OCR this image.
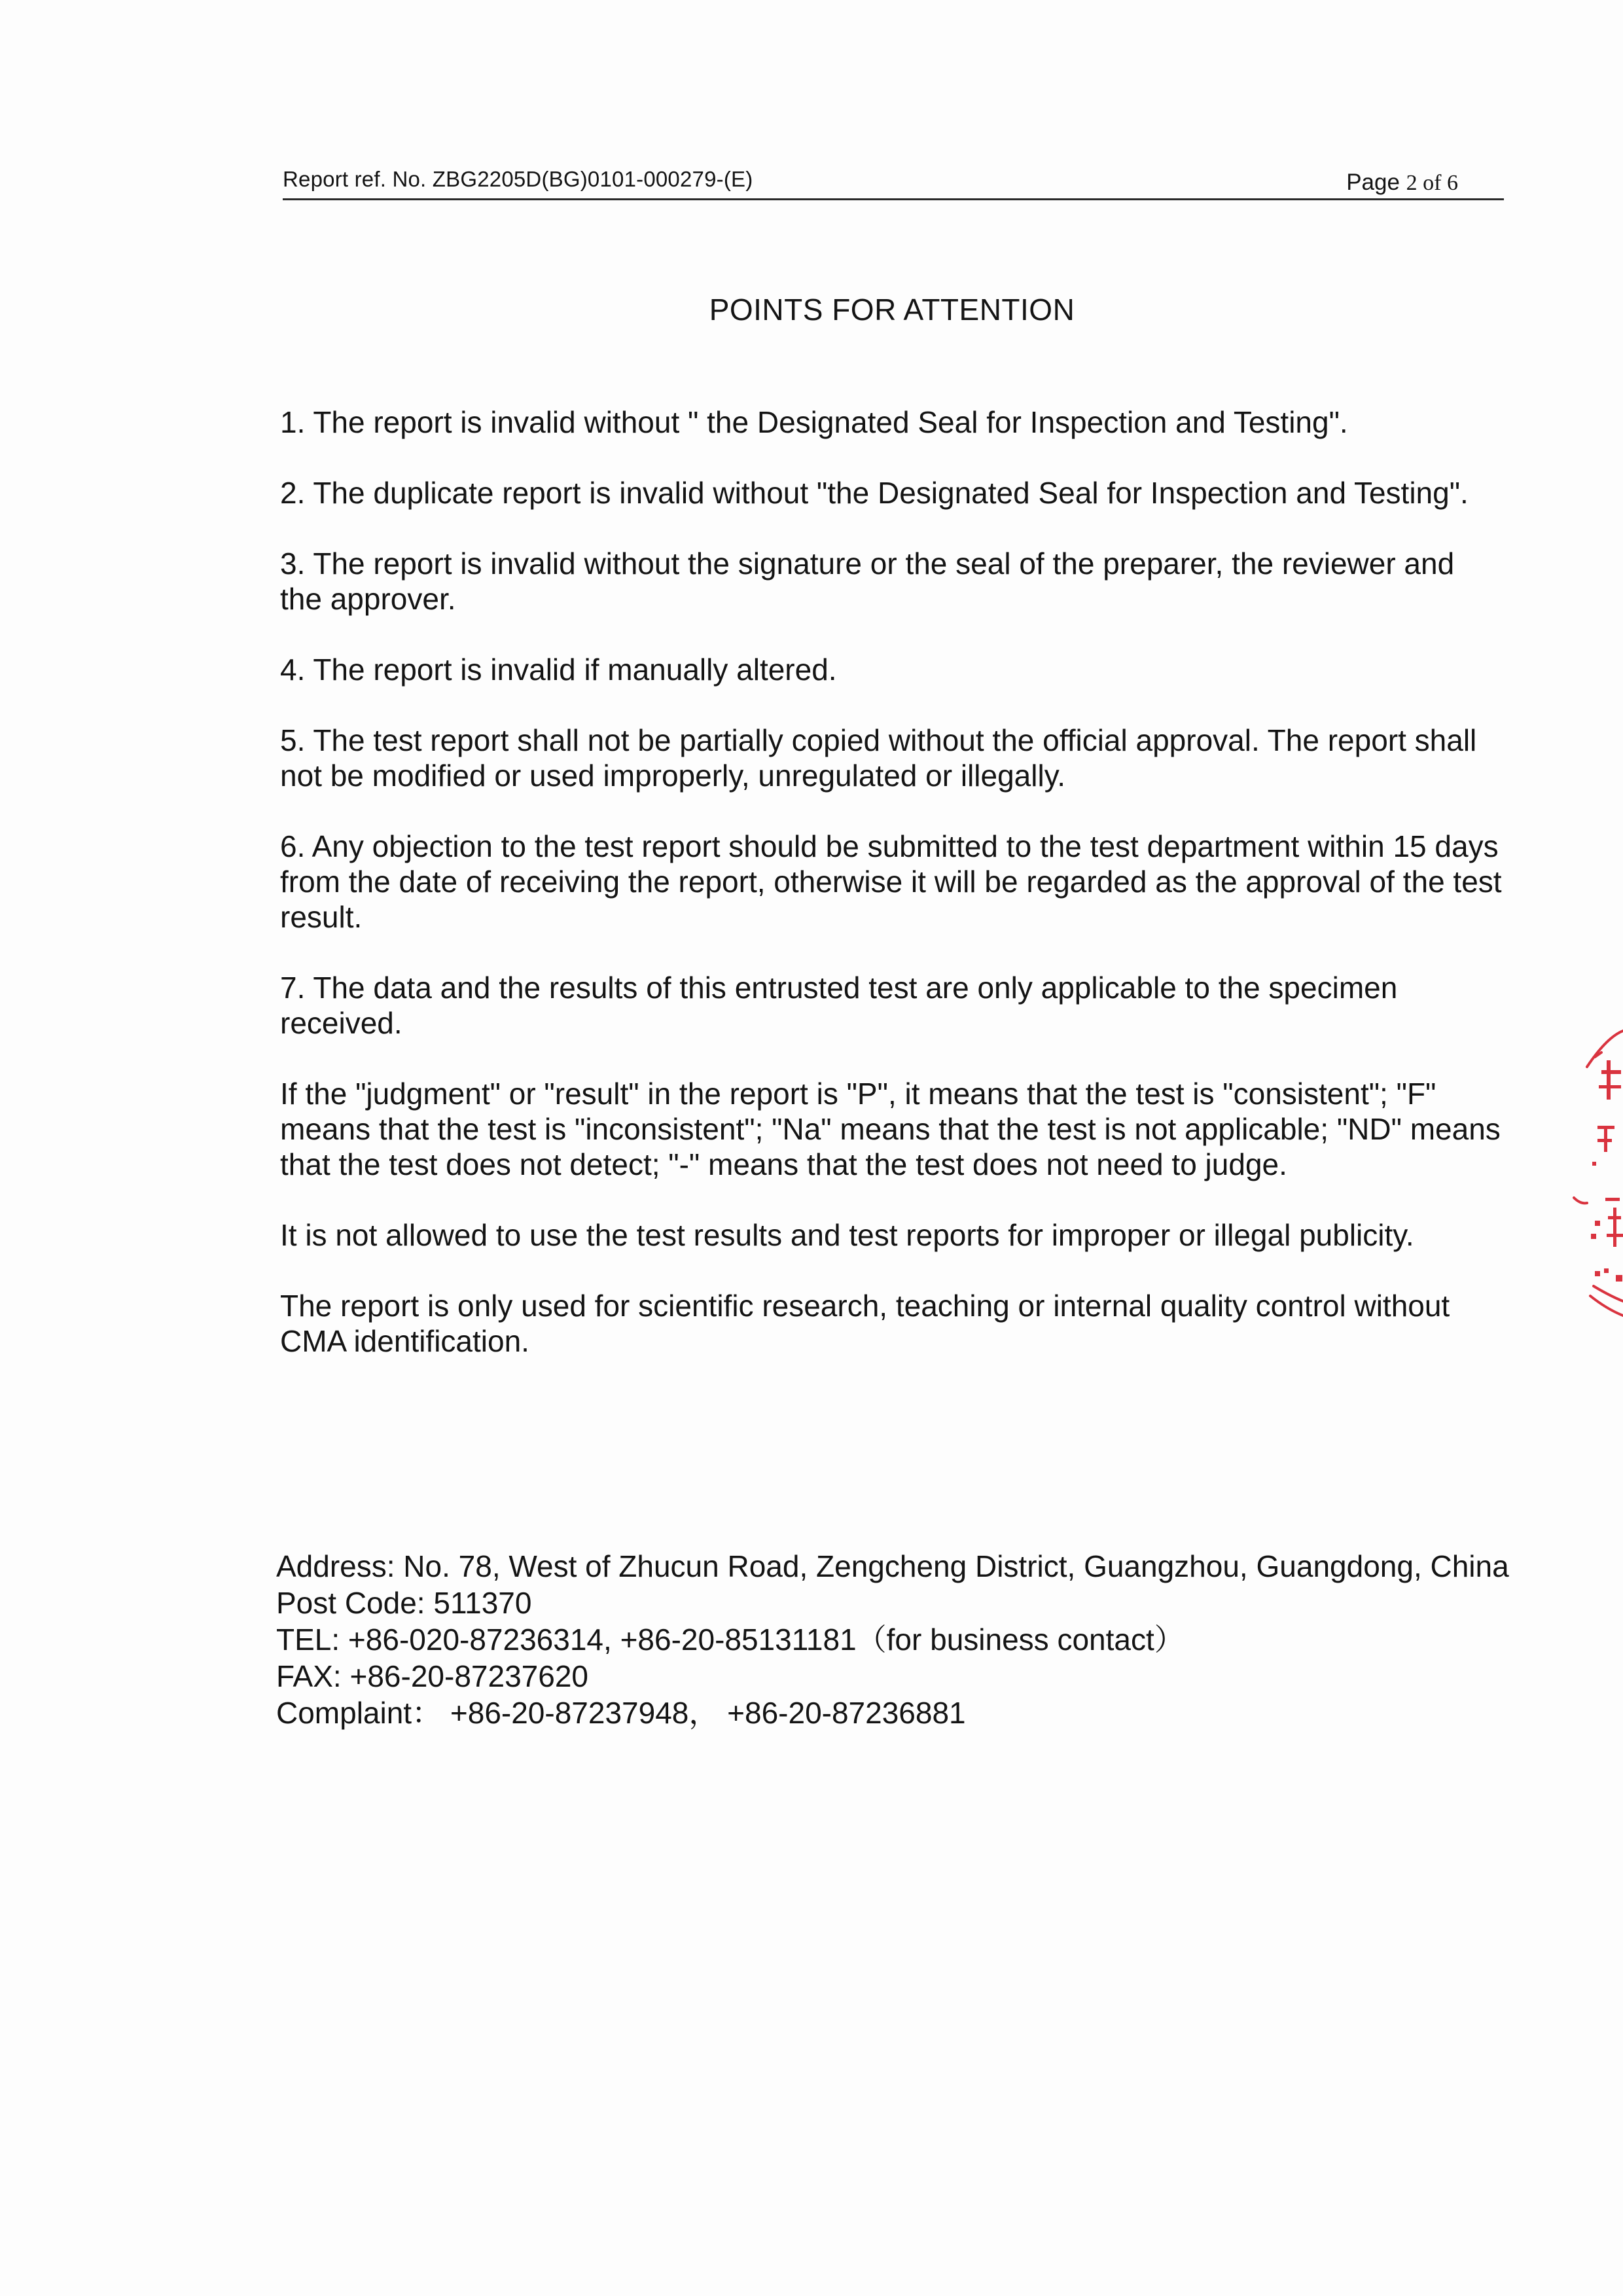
Report ref. No. ZBG2205D(BG)0101-000279-(E)	Page 2 of 6
POINTS FOR ATTENTION

1. The report is invalid without " the Designated Seal for Inspection and Testing".

2. The duplicate report is invalid without "the Designated Seal for Inspection and Testing".

3. The report is invalid without the signature or the seal of the preparer, the reviewer and the approver.

4. The report is invalid if manually altered.

5. The test report shall not be partially copied without the official approval. The report shall not be modified or used improperly, unregulated or illegally.

6. Any objection to the test report should be submitted to the test department within 15 days from the date of receiving the report, otherwise it will be regarded as the approval of the test result.

7. The data and the results of this entrusted test are only applicable to the specimen received.

If the "judgment" or "result" in the report is "P", it means that the test is "consistent"; "F" means that the test is "inconsistent"; "Na" means that the test is not applicable; "ND" means that the test does not detect; "-" means that the test does not need to judge.

It is not allowed to use the test results and test reports for improper or illegal publicity.

The report is only used for scientific research, teaching or internal quality control without CMA identification.

Address: No. 78, West of Zhucun Road, Zengcheng District, Guangzhou, Guangdong, China
Post Code: 511370
TEL: +86-020-87236314, +86-20-85131181（for business contact）
FAX: +86-20-87237620
Complaint： +86-20-87237948， +86-20-87236881
